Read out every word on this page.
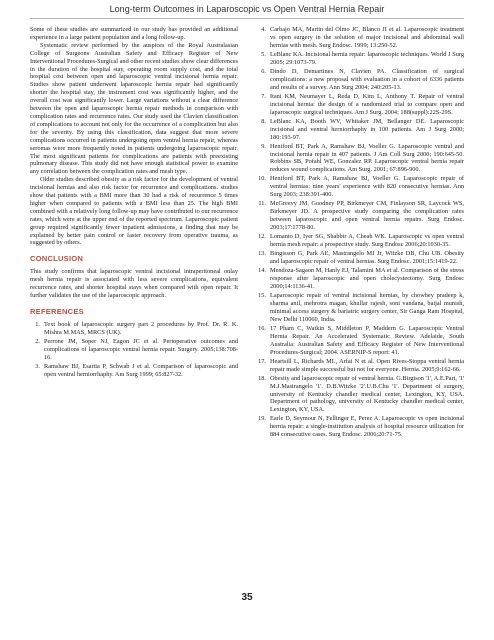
Long-term Outcomes in Laparoscopic vs Open Ventral Hernia Repair

Some of these studies are summarized in our study has provided an additional experience in a large patient population and a long follow-up.

Systematic review performed by the auspices of the Royal Australasian College of Surgeons Australian Safety and Efficacy Register of New Interventional Procedures-Surgical and other recent studies show clear differences in the duration of the hospital stay, operating room supply cost, and the total hospital cost between open and laparoscopic ventral incisional hernia repair. Studies show patient underwent laparoscopic hernia repair had significantly shorter the hospital stay, the instrument cost was significantly higher, and the overall cost was significantly lower. Large variations without a clear difference between the open and laparoscopic hernia repair methods in comparison with complication rates and recurrence rates. Our study used the Clavien classification of complications to account not only for the occurrence of a complication but also for the severity. By using this classification, data suggest that more severe complications occurred in patients undergoing open ventral hernia repair, whereas seromas were more frequently noted in patients undergoing laparoscopic repair. The most significant patients for complications are patients with preexisting pulmonary disease. This study did not have enough statistical power to examine any correlation between the complication rates and mesh type.

Older studies described obesity as a risk factor for the development of ventral incisional hernias and also risk factor for recurrence and complications. studies show that patients with a BMI more than 30 had a risk of recurrence 5 times higher when compared to patients with a BMI less than 25. The high BMI combined with a relatively long follow-up may have contributed to our recurrence rates, which were at the upper end of the reported spectrum. Laparoscopic patient group required significantly fewer inpatient admissions, a finding that may be explained by better pain control or faster recovery from operative trauma, as suggested by others.

CONCLUSION

This study confirms that laparoscopic ventral incisional intraperitoneal onlay mesh hernia repair is associated with less severe complications, equivalent recurrence rates, and shorter hospital stays when compared with open repair. It further validates the use of the laparoscopic approach.

REFERENCES
1. Text book of laparoscopic surgery part 2 procedures by Prof. Dr. R. K. Mishra M.MAS, MRCS (UK).
2. Perrone JM, Soper NJ, Eagon JC et al. Perioperative outcomes and complications of laparoscopic ventral hernia repair. Surgery. 2005;138:708-16.
3. Ramshaw BJ, Esartia P, Schwab J et al. Comparison of laparoscopic and open ventral herniorrhaphy. Am Surg 1999; 65:827-32.
4. Carbajo MA, Martin del Olmo JC, Blanco JI et al. Laparoscopic treatment vs open surgery in the solution of major incisional and abdominal wall hernias with mesh. Surg Endosc. 1999; 13:250-52.
5. LeBlanc KA. Incisional hernia repair: laparoscopic techniques. World J Surg 2005; 29:1073-79.
6. Dindo D, Demartines N, Clavien PA. Classification of surgical complications: a new proposal with evaluation in a cohort of 6336 patients and results of a survey. Ann Surg 2004; 240:205-13.
7. Itani KM, Neumayer L, Reda D, Kim L, Anthony T. Repair of ventral incisional hernia: the design of a randomized trial to compare open and laparoscopic surgical techniques. Am J Surg. 2004; 188(suppl):22S-29S.
8. LeBlanc KA, Booth WV, Whitaker JM, Bellanger DE. Laparoscopic incisional and ventral herniorrhaphy in 100 patients. Am J Surg 2000; 180:193-97.
9. Heniford BT, Park A, Ramshaw BJ, Voeller G. Laparoscopic ventral and incisional hernia repair in 407 patients. J Am Coll Surg 2000; 190:645-50. Robbins SB, Pofahl WE, Gonzalez RP. Laparoscopic ventral hernia repair reduces wound complications. Am Surg. 2001; 67:896-900.
10. Heniford BT, Park A, Ramshaw BJ, Voeller G. Laparoscopic repair of ventral hernias: nine years' experience with 820 consecutive hernias. Ann Surg 2003; 238:391-400.
11. McGreevy JM, Goodney PP, Birkmeyer CM, Finlayson SR, Laycock WS, Birkmeyer JD. A prospective study comparing the complication rates between laparoscopic and open ventral hernia repairs. Surg Endosc. 2003;17:1778-80.
12. Lomanto D, Iyer SG, Shabbir A, Cheah WK. Laparoscopic vs open ventral hernia mesh repair: a prospective study. Surg Endosc 2006;20:1030-35.
13. Bingisson G, Park AE, Mastrangelo MJ Jr, Witzke DB, Chu UB. Obesity and laparoscopic repair of ventral hernias. Surg Endosc. 2001;15:1419-22.
14. Mendoza-Sagaon M, Hanly EJ, Talamini MA et al. Comparison of the stress response after laparoscopic and open cholecystectomy. Surg Endosc 2000;14:1136-41.
15. Laparoscopic repair of ventral incisional hernias, by chowbey pradeep k, sharma anil, mehrotra magan, khullar rajesh, soni vandana, baijal munish, minimal access surgery & bariatric surgery center, Sir Ganga Ram Hospital, New Delhi 110060, India.
16. 17 Pham C, Watkin S, Middleton P, Maddern G. Laparoscopic Ventral Hernia Repair. An Accelerated Systematic Review. Adelaide, South Australia: Australian Safety and Efficacy Register of New Interventional Procedures-Surgical; 2004. ASERNIP-S report: 41.
17. Heartsill L, Richards ML, Arfai N et al. Open Rives-Stoppa ventral hernia repair made simple successful but not for everyone. Hernia. 2005;9:162-66.
18. Obesity and laparoscopic repair of ventral hernia. G.Birgison '1', A.E.Part, '1' M.J.Mastrangelo '1'. D.B.Witzke '2'.U.B.Chu '1'. Department of surgery, university of Kentucky chandler medical center, Lexington, KY, USA. Department of pathology, university of Kentucky chandler medical center, Lexington, KY, USA.
19. Earle D, Seymour N, Fellinger E, Perez A. Laparoscopic vs open incisional hernia repair: a single-institution analysis of hospital resource utilization for 884 consecutive cases. Surg Endosc. 2006;20:71-75.
35
